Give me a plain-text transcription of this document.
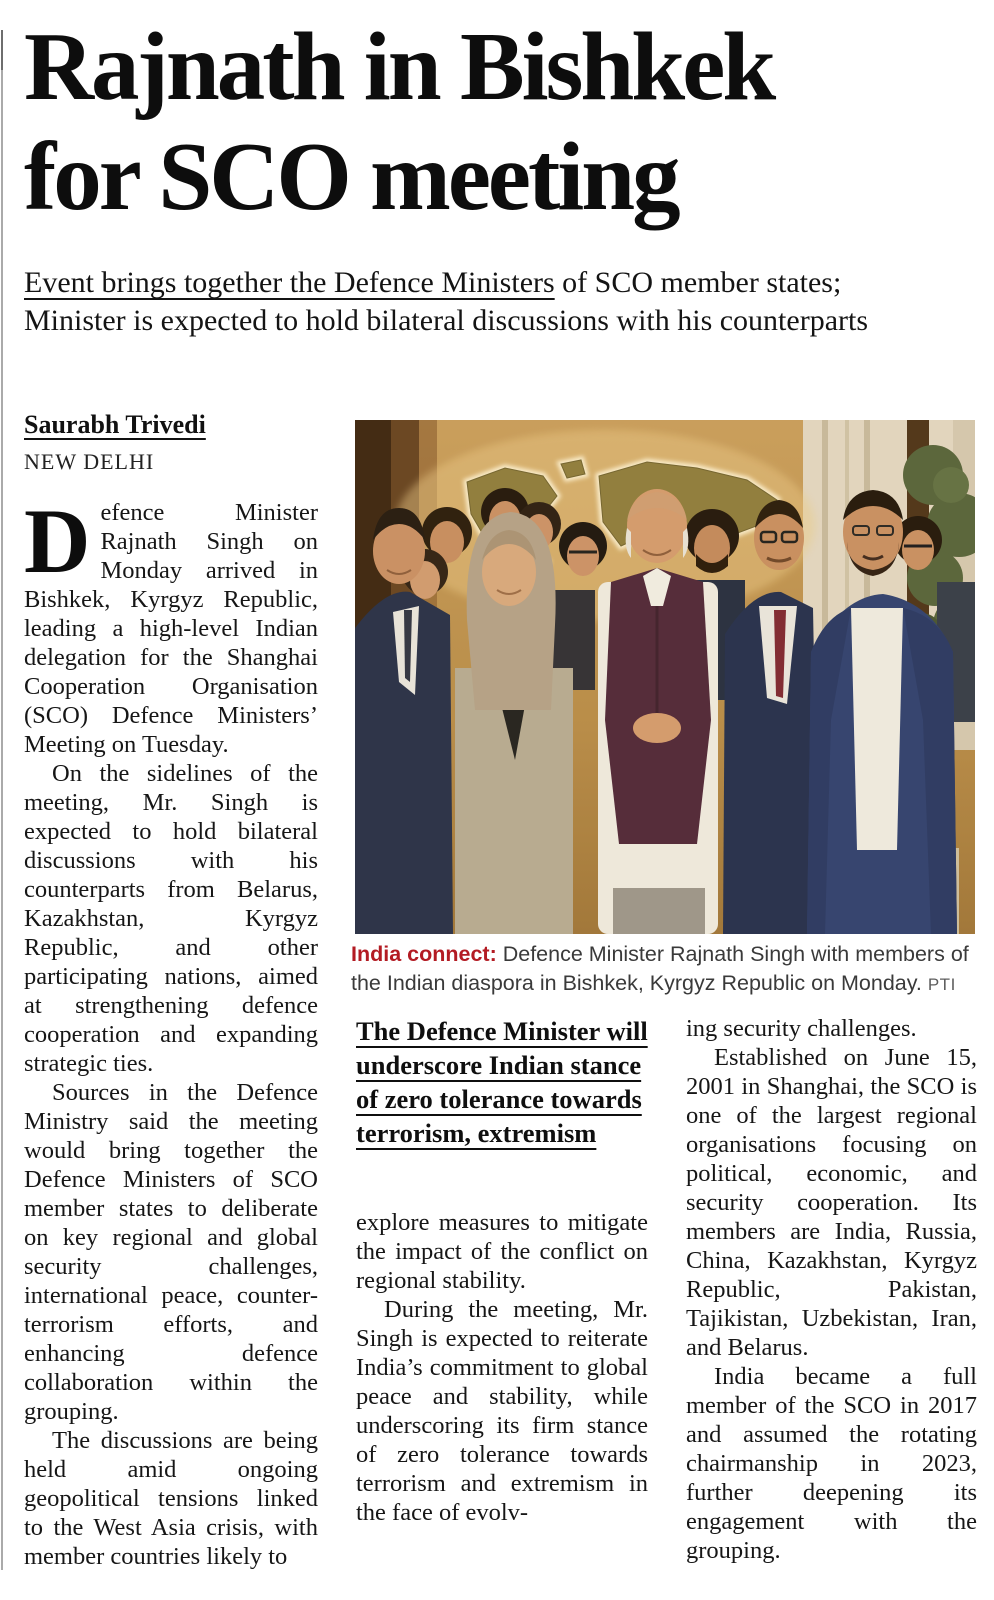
Rajnath in Bishkek
for SCO meeting
Event brings together the Defence Ministers of SCO member states;
Minister is expected to hold bilateral discussions with his counterparts
Saurabh Trivedi
NEW DELHI
India connect: Defence Minister Rajnath Singh with members of the Indian diaspora in Bishkek, Kyrgyz Republic on Monday. PTI

Defence Minister Rajnath Singh on Monday arrived in Bishkek, Kyrgyz Republic, leading a high-level Indian delegation for the Shanghai Cooperation Organisation (SCO) Defence Ministers’ Meeting on Tuesday.

On the sidelines of the meeting, Mr. Singh is expected to hold bilateral discussions with his counterparts from Belarus, Kazakhstan, Kyrgyz Republic, and other participating nations, aimed at strengthening defence cooperation and expanding strategic ties.

Sources in the Defence Ministry said the meeting would bring together the Defence Ministers of SCO member states to deliberate on key regional and global security challenges, international peace, counter-terrorism efforts, and enhancing defence collaboration within the grouping.

The discussions are being held amid ongoing geopolitical tensions linked to the West Asia crisis, with member countries likely to

The Defence Minister will underscore Indian stance of zero tolerance towards terrorism, extremism

explore measures to mitigate the impact of the conflict on regional stability.

During the meeting, Mr. Singh is expected to reiterate India’s commitment to global peace and stability, while underscoring its firm stance of zero tolerance towards terrorism and extremism in the face of evolv-

ing security challenges.

Established on June 15, 2001 in Shanghai, the SCO is one of the largest regional organisations focusing on political, economic, and security cooperation. Its members are India, Russia, China, Kazakhstan, Kyrgyz Republic, Pakistan, Tajikistan, Uzbekistan, Iran, and Belarus.

India became a full member of the SCO in 2017 and assumed the rotating chairmanship in 2023, further deepening its engagement with the grouping.
